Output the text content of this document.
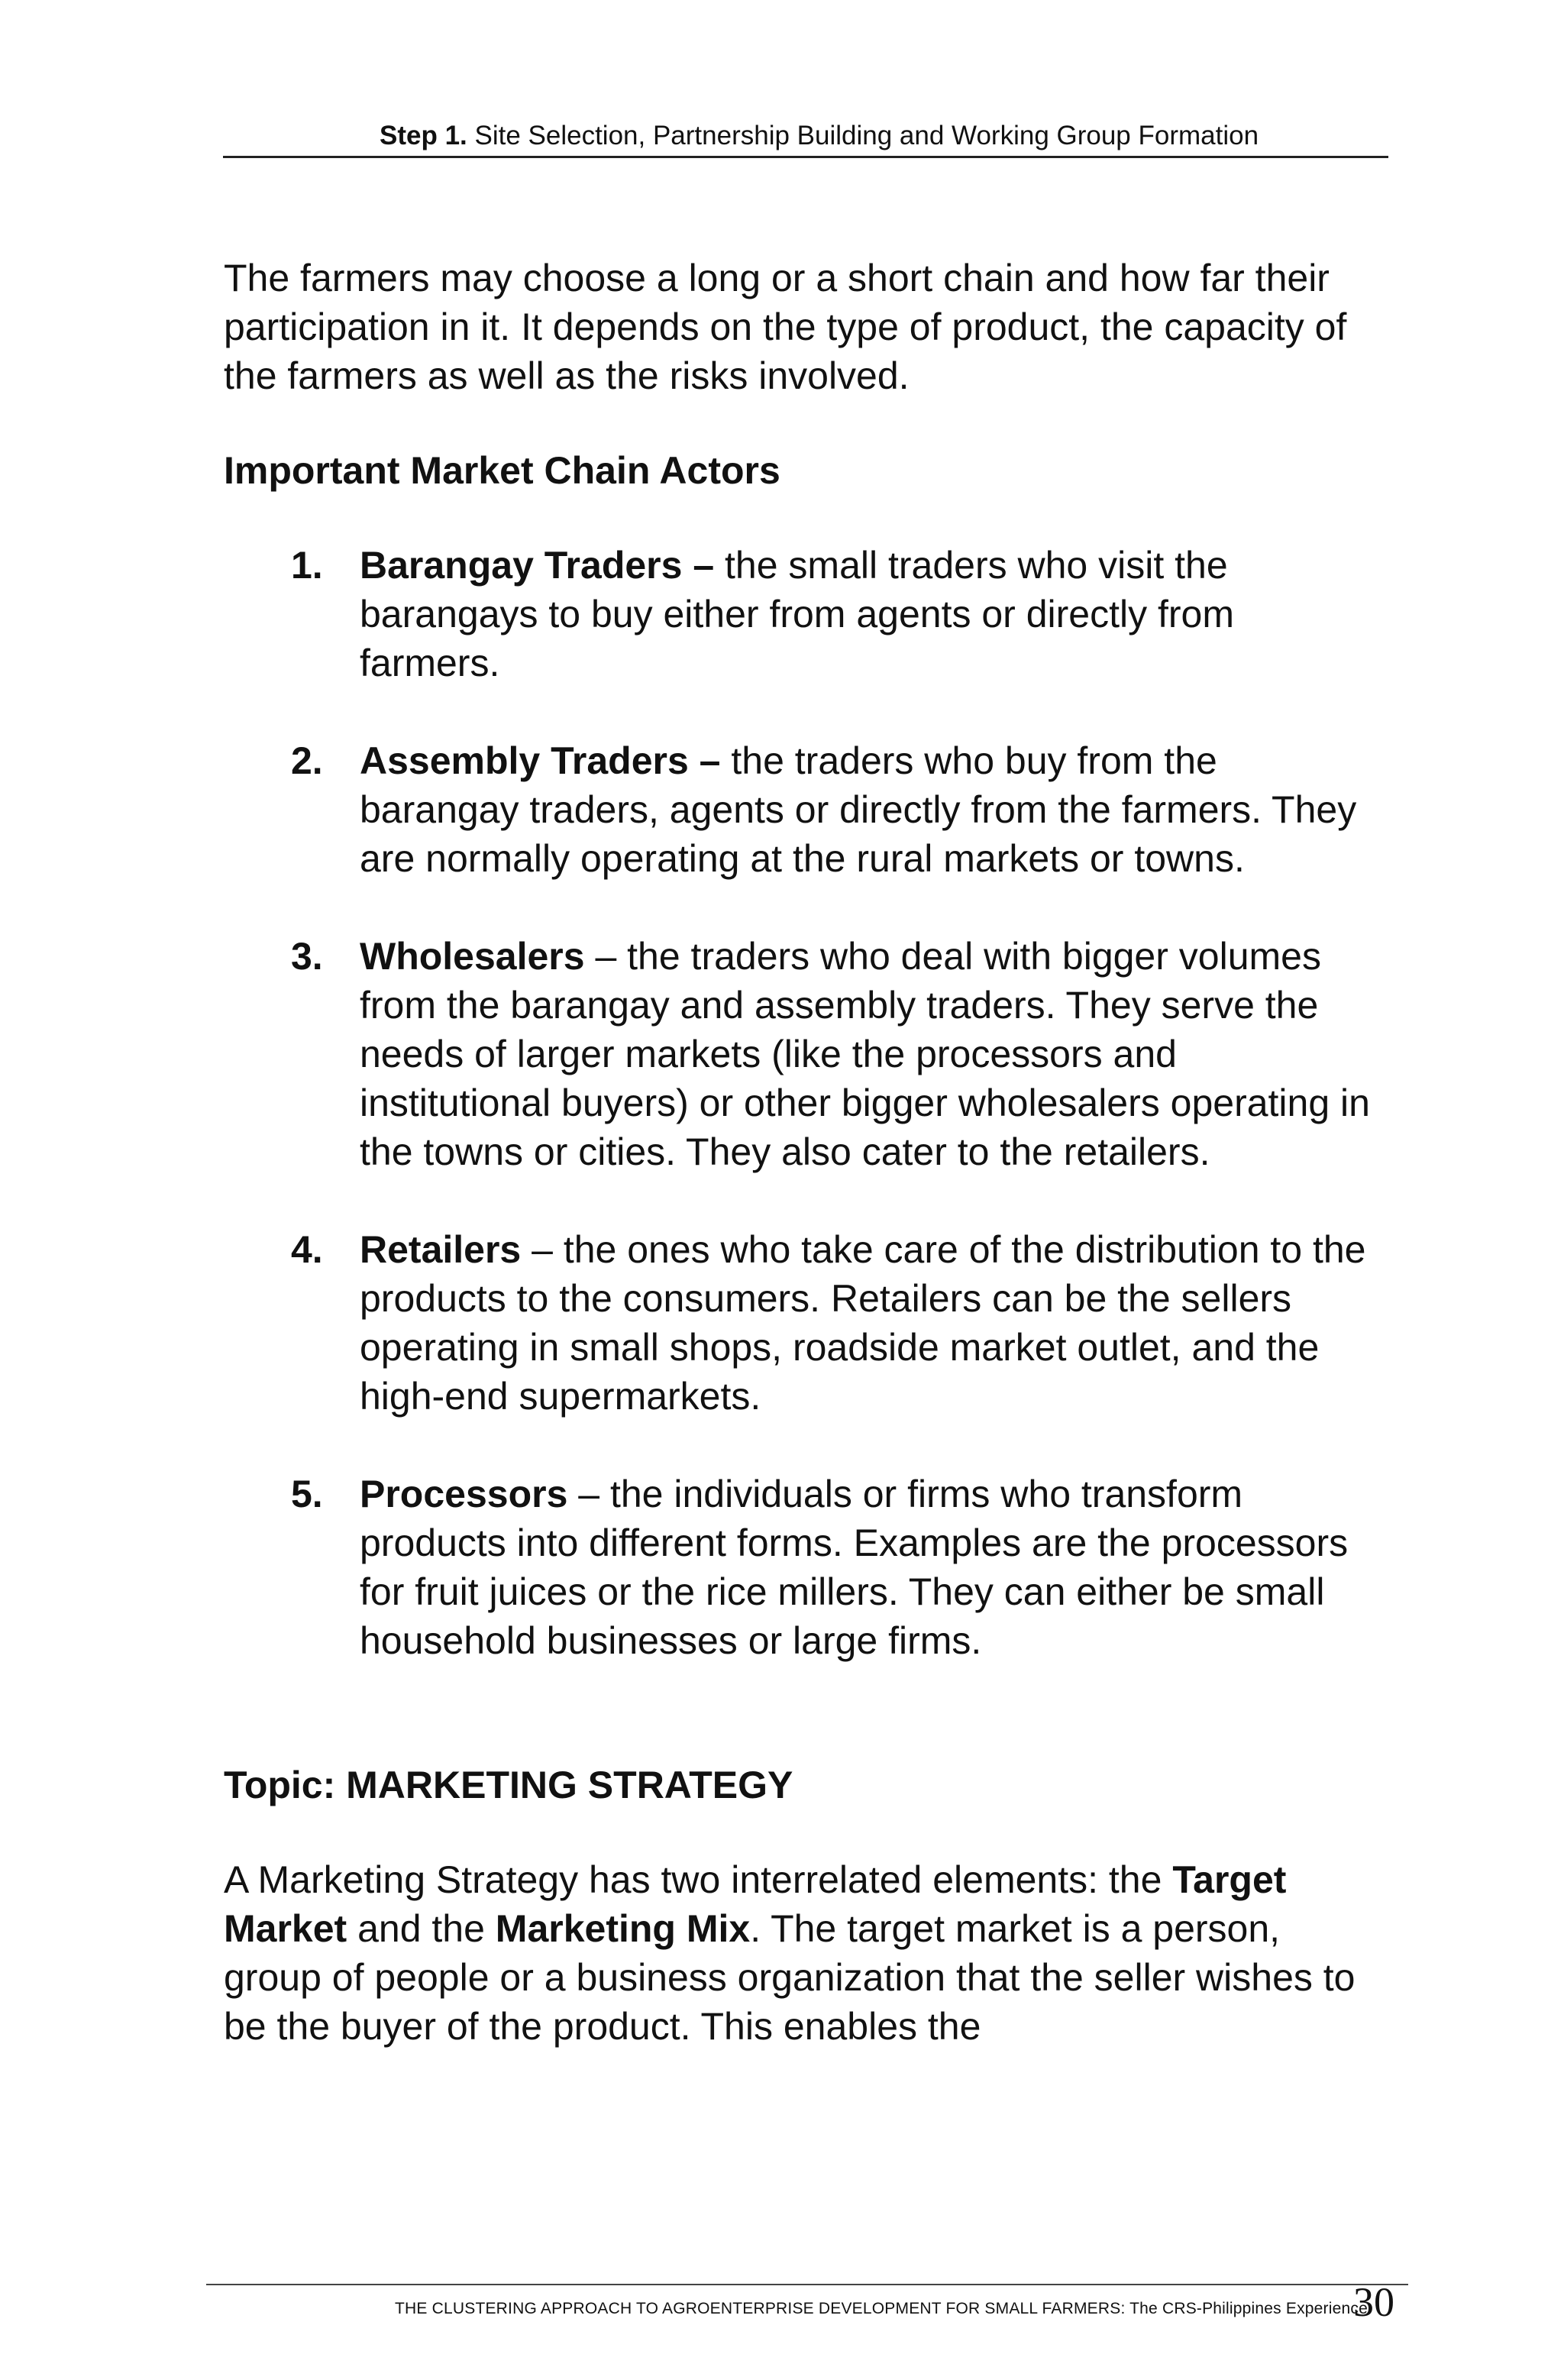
Step 1. Site Selection, Partnership Building and Working Group Formation

The farmers may choose a long or a short chain and how far their participation in it. It depends on the type of product, the capacity of the farmers as well as the risks involved.

Important Market Chain Actors

1. Barangay Traders – the small traders who visit the barangays to buy either from agents or directly from farmers.
2. Assembly Traders – the traders who buy from the barangay traders, agents or directly from the farmers. They are normally operating at the rural markets or towns.
3. Wholesalers – the traders who deal with bigger volumes from the barangay and assembly traders. They serve the needs of larger markets (like the processors and institutional buyers) or other bigger wholesalers operating in the towns or cities. They also cater to the retailers.
4. Retailers – the ones who take care of the distribution to the products to the consumers. Retailers can be the sellers operating in small shops, roadside market outlet, and the high-end supermarkets.
5. Processors – the individuals or firms who transform products into different forms. Examples are the processors for fruit juices or the rice millers. They can either be small household businesses or large firms.

Topic: MARKETING STRATEGY

A Marketing Strategy has two interrelated elements: the Target Market and the Marketing Mix. The target market is a person, group of people or a business organization that the seller wishes to be the buyer of the product. This enables the

THE CLUSTERING APPROACH TO AGROENTERPRISE DEVELOPMENT FOR SMALL FARMERS: The CRS-Philippines Experience
30
